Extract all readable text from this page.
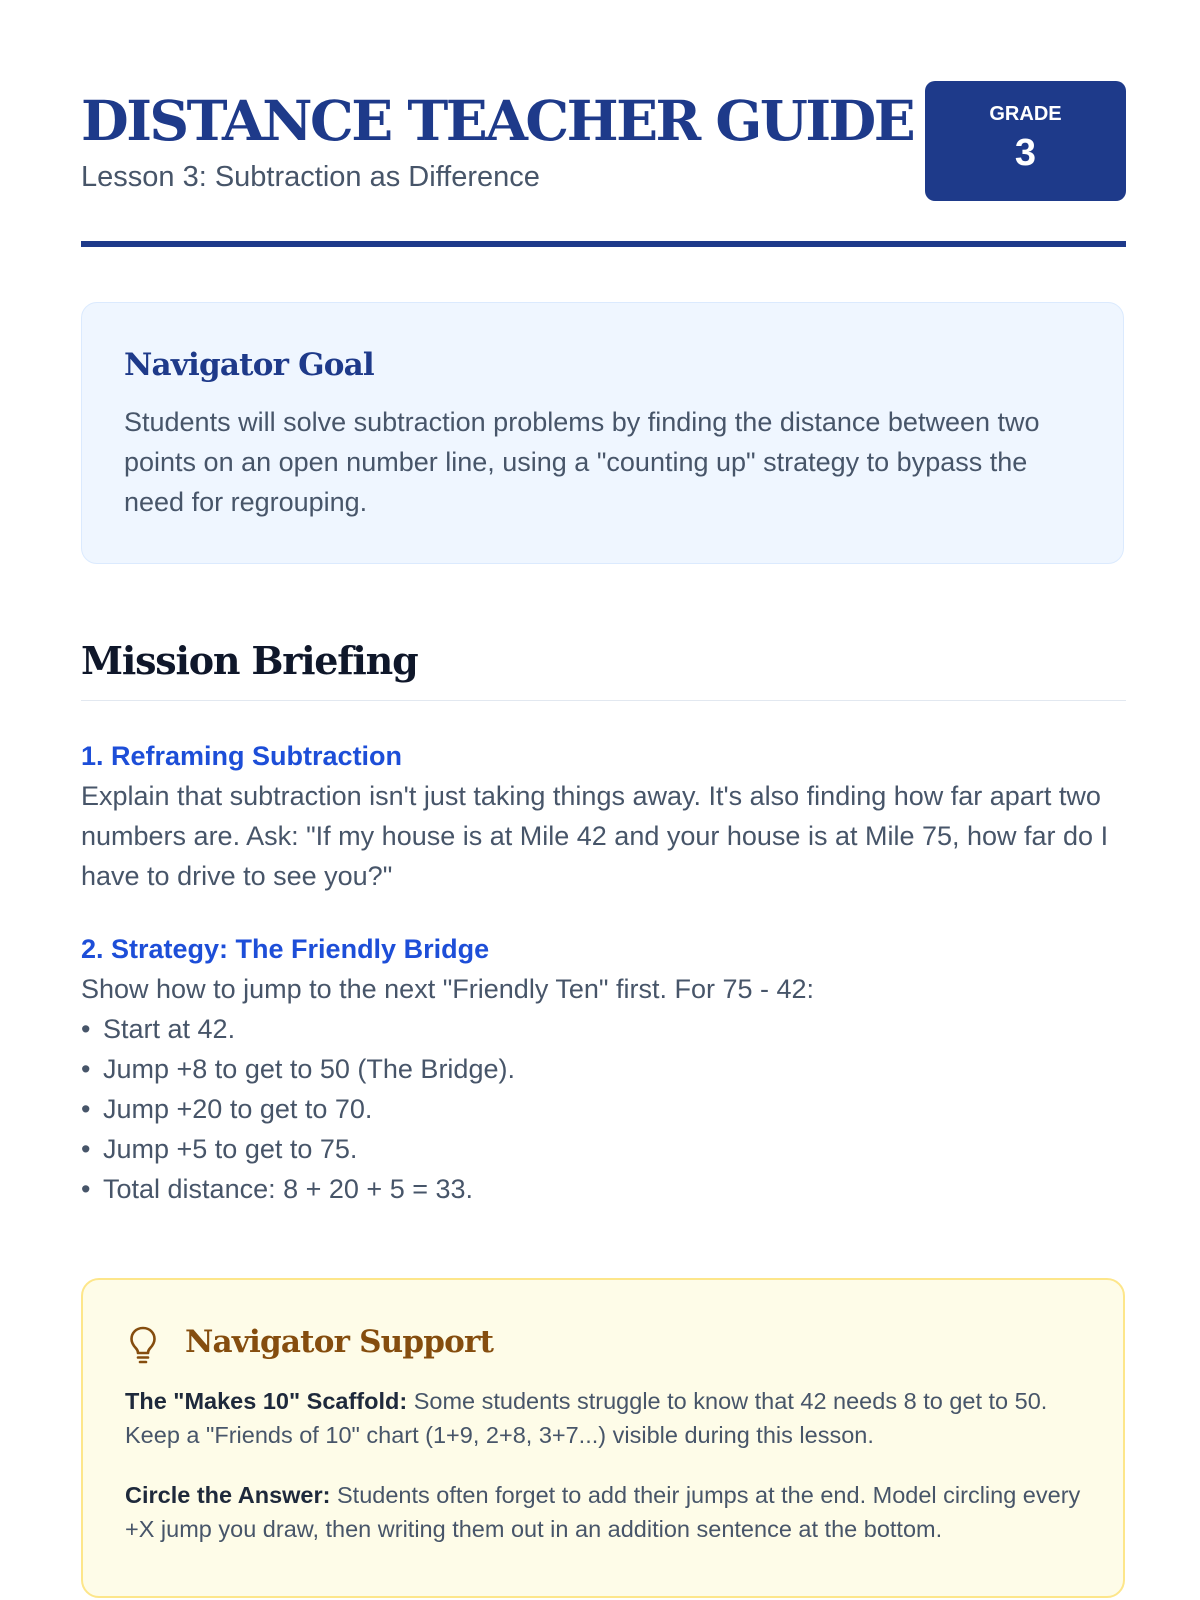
DISTANCE TEACHER GUIDE
Lesson 3: Subtraction as Difference
GRADE
3
Navigator Goal

Students will solve subtraction problems by finding the distance between two points on an open number line, using a "counting up" strategy to bypass the need for regrouping.

Mission Briefing
1. Reframing Subtraction

Explain that subtraction isn't just taking things away. It's also finding how far apart two numbers are. Ask: "If my house is at Mile 42 and your house is at Mile 75, how far do I have to drive to see you?"

2. Strategy: The Friendly Bridge

Show how to jump to the next "Friendly Ten" first. For 75 - 42:

• Start at 42.
• Jump +8 to get to 50 (The Bridge).
• Jump +20 to get to 70.
• Jump +5 to get to 75.
• Total distance: 8 + 20 + 5 = 33.
Navigator Support

The "Makes 10" Scaffold: Some students struggle to know that 42 needs 8 to get to 50. Keep a "Friends of 10" chart (1+9, 2+8, 3+7...) visible during this lesson.

Circle the Answer: Students often forget to add their jumps at the end. Model circling every +X jump you draw, then writing them out in an addition sentence at the bottom.
